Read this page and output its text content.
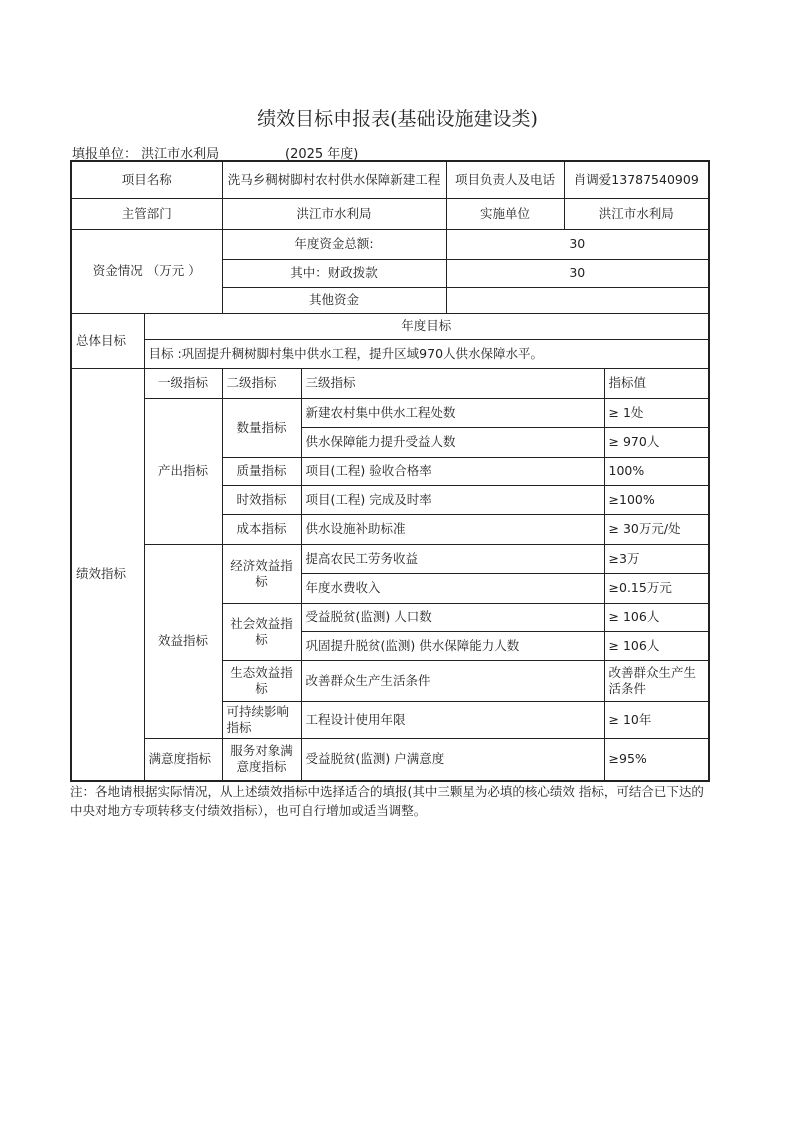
绩效目标申报表(基础设施建设类)
填报单位： 洪江市水利局	(2025 年度)
项目名称		洗马乡稠树脚村农村供水保障新建工程		项目负责人及电话	肖调爱13787540909	
主管部门		洪江市水利局		实施单位	洪江市水利局	
资金情况 （万元 ）		年度资金总额:		30		
		其中：财政拨款		30		
		其他资金				
总体目标	年度目标					
	目标 :巩固提升稠树脚村集中供水工程，提升区域970人供水保障水平。					
绩效指标	一级指标	二级指标	三级指标			指标值
	产出指标	数量指标	新建农村集中供水工程处数			≥ 1处
			供水保障能力提升受益人数			≥ 970人
		质量指标	项目(工程) 验收合格率			100%
		时效指标	项目(工程) 完成及时率			≥100%
		成本指标	供水设施补助标准			≥ 30万元/处
	效益指标	经济效益指标	提高农民工劳务收益			≥3万
			年度水费收入			≥0.15万元
		社会效益指标	受益脱贫(监测) 人口数			≥ 106人
			巩固提升脱贫(监测) 供水保障能力人数			≥ 106人
		生态效益指标	改善群众生产生活条件			改善群众生产生活条件
		可持续影响指标	工程设计使用年限			≥ 10年
	满意度指标	服务对象满意度指标	受益脱贫(监测) 户满意度			≥95%
注：各地请根据实际情况，从上述绩效指标中选择适合的填报(其中三颗星为必填的核心绩效 指标，可结合已下达的中央对地方专项转移支付绩效指标），也可自行增加或适当调整。
